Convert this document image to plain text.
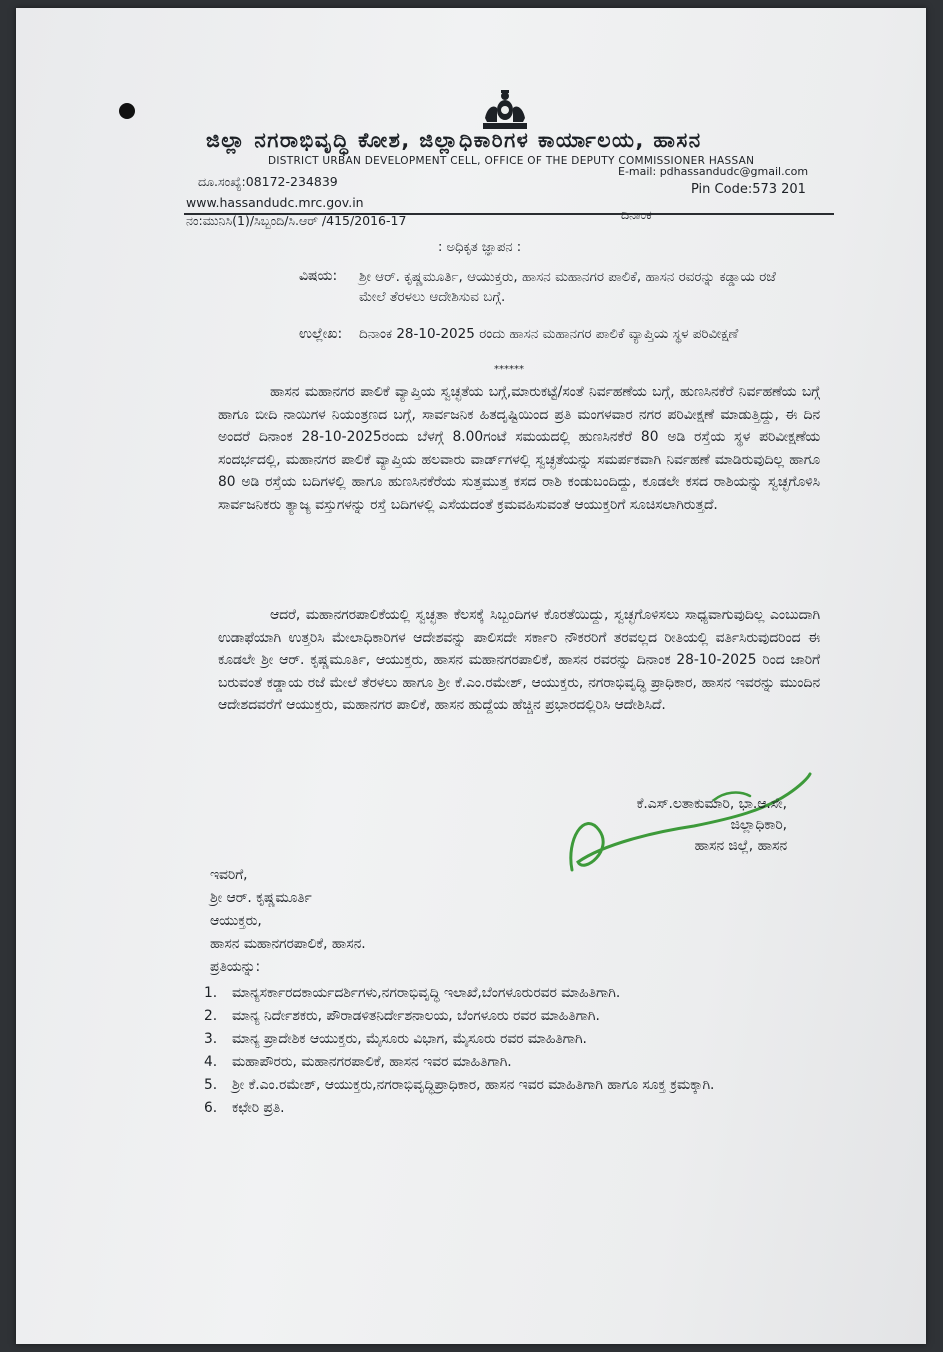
ಜಿಲ್ಲಾ ನಗರಾಭಿವೃದ್ಧಿ ಕೋಶ, ಜಿಲ್ಲಾಧಿಕಾರಿಗಳ ಕಾರ್ಯಾಲಯ, ಹಾಸನ
DISTRICT URBAN DEVELOPMENT CELL, OFFICE OF THE DEPUTY COMMISSIONER HASSAN
ದೂ.ಸಂಖ್ಯೆ:08172-234839
E-mail: pdhassandudc@gmail.com
Pin Code:573 201
www.hassandudc.mrc.gov.in
ನಂ:ಮುನಿಸಿ(1)/ಸಿಬ್ಬಂದಿ/ಸಿ.ಆರ್ /415/2016-17	ದಿನಾಂಕ
: ಅಧಿಕೃತ ಜ್ಞಾಪನ :
ವಿಷಯ: ಶ್ರೀ ಆರ್. ಕೃಷ್ಣಮೂರ್ತಿ, ಆಯುಕ್ತರು, ಹಾಸನ ಮಹಾನಗರ ಪಾಲಿಕೆ, ಹಾಸನ ರವರನ್ನು ಕಡ್ಡಾಯ ರಜೆ ಮೇಲೆ ತೆರಳಲು ಆದೇಶಿಸುವ ಬಗ್ಗೆ.
ಉಲ್ಲೇಖ: ದಿನಾಂಕ 28-10-2025 ರಂದು ಹಾಸನ ಮಹಾನಗರ ಪಾಲಿಕೆ ವ್ಯಾಪ್ತಿಯ ಸ್ಥಳ ಪರಿವೀಕ್ಷಣೆ
******
ಹಾಸನ ಮಹಾನಗರ ಪಾಲಿಕೆ ವ್ಯಾಪ್ತಿಯ ಸ್ವಚ್ಛತೆಯ ಬಗ್ಗೆ,ಮಾರುಕಟ್ಟೆ/ಸಂತೆ ನಿರ್ವಹಣೆಯ ಬಗ್ಗೆ, ಹುಣಸಿನಕೆರೆ ನಿರ್ವಹಣೆಯ ಬಗ್ಗೆ ಹಾಗೂ ಬೀದಿ ನಾಯಿಗಳ ನಿಯಂತ್ರಣದ ಬಗ್ಗೆ, ಸಾರ್ವಜನಿಕ ಹಿತದೃಷ್ಟಿಯಿಂದ ಪ್ರತಿ ಮಂಗಳವಾರ ನಗರ ಪರಿವೀಕ್ಷಣೆ ಮಾಡುತ್ತಿದ್ದು, ಈ ದಿನ ಅಂದರೆ ದಿನಾಂಕ 28-10-2025ರಂದು ಬೆಳಗ್ಗೆ 8.00ಗಂಟೆ ಸಮಯದಲ್ಲಿ ಹುಣಸಿನಕೆರೆ 80 ಅಡಿ ರಸ್ತೆಯ ಸ್ಥಳ ಪರಿವೀಕ್ಷಣೆಯ ಸಂದರ್ಭದಲ್ಲಿ, ಮಹಾನಗರ ಪಾಲಿಕೆ ವ್ಯಾಪ್ತಿಯ ಹಲವಾರು ವಾರ್ಡ್‌ಗಳಲ್ಲಿ ಸ್ವಚ್ಛತೆಯನ್ನು ಸಮರ್ಪಕವಾಗಿ ನಿರ್ವಹಣೆ ಮಾಡಿರುವುದಿಲ್ಲ ಹಾಗೂ 80 ಅಡಿ ರಸ್ತೆಯ ಬದಿಗಳಲ್ಲಿ ಹಾಗೂ ಹುಣಸಿನಕೆರೆಯ ಸುತ್ತಮುತ್ತ ಕಸದ ರಾಶಿ ಕಂಡುಬಂದಿದ್ದು, ಕೂಡಲೇ ಕಸದ ರಾಶಿಯನ್ನು ಸ್ವಚ್ಛಗೊಳಿಸಿ ಸಾರ್ವಜನಿಕರು ತ್ಯಾಜ್ಯ ವಸ್ತುಗಳನ್ನು ರಸ್ತೆ ಬದಿಗಳಲ್ಲಿ ಎಸೆಯದಂತೆ ಕ್ರಮವಹಿಸುವಂತೆ ಆಯುಕ್ತರಿಗೆ ಸೂಚಿಸಲಾಗಿರುತ್ತದೆ.
ಆದರೆ, ಮಹಾನಗರಪಾಲಿಕೆಯಲ್ಲಿ ಸ್ವಚ್ಛತಾ ಕೆಲಸಕ್ಕೆ ಸಿಬ್ಬಂದಿಗಳ ಕೊರತೆಯಿದ್ದು, ಸ್ವಚ್ಛಗೊಳಿಸಲು ಸಾಧ್ಯವಾಗುವುದಿಲ್ಲ ಎಂಬುದಾಗಿ ಉಡಾಫೆಯಾಗಿ ಉತ್ತರಿಸಿ ಮೇಲಾಧಿಕಾರಿಗಳ ಆದೇಶವನ್ನು ಪಾಲಿಸದೇ ಸರ್ಕಾರಿ ನೌಕರರಿಗೆ ತರವಲ್ಲದ ರೀತಿಯಲ್ಲಿ ವರ್ತಿಸಿರುವುದರಿಂದ ಈ ಕೂಡಲೇ ಶ್ರೀ ಆರ್. ಕೃಷ್ಣಮೂರ್ತಿ, ಆಯುಕ್ತರು, ಹಾಸನ ಮಹಾನಗರಪಾಲಿಕೆ, ಹಾಸನ ರವರನ್ನು ದಿನಾಂಕ 28-10-2025 ರಿಂದ ಜಾರಿಗೆ ಬರುವಂತೆ ಕಡ್ಡಾಯ ರಜೆ ಮೇಲೆ ತೆರಳಲು ಹಾಗೂ ಶ್ರೀ ಕೆ.ಎಂ.ರಮೇಶ್, ಆಯುಕ್ತರು, ನಗರಾಭಿವೃದ್ಧಿ ಪ್ರಾಧಿಕಾರ, ಹಾಸನ ಇವರನ್ನು ಮುಂದಿನ ಆದೇಶದವರೆಗೆ ಆಯುಕ್ತರು, ಮಹಾನಗರ ಪಾಲಿಕೆ, ಹಾಸನ ಹುದ್ದೆಯ ಹೆಚ್ಚಿನ ಪ್ರಭಾರದಲ್ಲಿರಿಸಿ ಆದೇಶಿಸಿದೆ.
ಕೆ.ಎಸ್.ಲತಾಕುಮಾರಿ, ಭಾ.ಆ.ಸೇ,
ಜಿಲ್ಲಾಧಿಕಾರಿ,
ಹಾಸನ ಜಿಲ್ಲೆ, ಹಾಸನ
ಇವರಿಗೆ,
ಶ್ರೀ ಆರ್. ಕೃಷ್ಣಮೂರ್ತಿ
ಆಯುಕ್ತರು,
ಹಾಸನ ಮಹಾನಗರಪಾಲಿಕೆ, ಹಾಸನ.
ಪ್ರತಿಯನ್ನು:
1.	ಮಾನ್ಯಸರ್ಕಾರದಕಾರ್ಯದರ್ಶಿಗಳು,ನಗರಾಭಿವೃದ್ಧಿ ಇಲಾಖೆ,ಬೆಂಗಳೂರುರವರ ಮಾಹಿತಿಗಾಗಿ.
2.	ಮಾನ್ಯ ನಿರ್ದೇಶಕರು, ಪೌರಾಡಳಿತನಿರ್ದೇಶನಾಲಯ, ಬೆಂಗಳೂರು ರವರ ಮಾಹಿತಿಗಾಗಿ.
3.	ಮಾನ್ಯ ಪ್ರಾದೇಶಿಕ ಆಯುಕ್ತರು, ಮೈಸೂರು ವಿಭಾಗ, ಮೈಸೂರು ರವರ ಮಾಹಿತಿಗಾಗಿ.
4.	ಮಹಾಪೌರರು, ಮಹಾನಗರಪಾಲಿಕೆ, ಹಾಸನ ಇವರ ಮಾಹಿತಿಗಾಗಿ.
5.	ಶ್ರೀ ಕೆ.ಎಂ.ರಮೇಶ್, ಆಯುಕ್ತರು,ನಗರಾಭಿವೃದ್ಧಿಪ್ರಾಧಿಕಾರ, ಹಾಸನ ಇವರ ಮಾಹಿತಿಗಾಗಿ ಹಾಗೂ ಸೂಕ್ತ ಕ್ರಮಕ್ಕಾಗಿ.
6.	ಕಛೇರಿ ಪ್ರತಿ.
